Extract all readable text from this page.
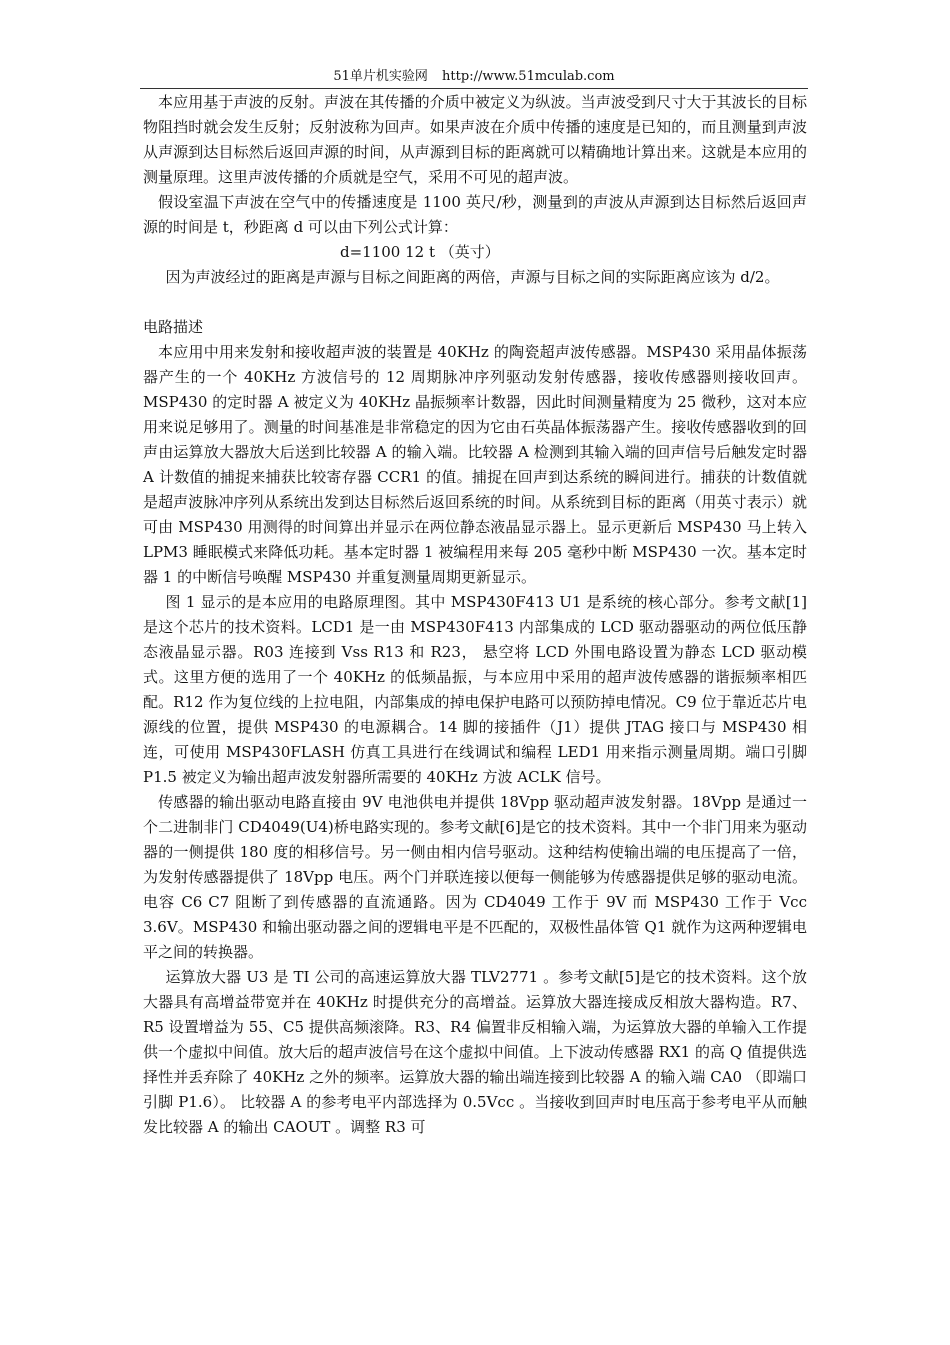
51单片机实验网 http://www.51mculab.com

本应用基于声波的反射。声波在其传播的介质中被定义为纵波。当声波受到尺寸大于其波长的目标物阻挡时就会发生反射；反射波称为回声。如果声波在介质中传播的速度是已知的，而且测量到声波从声源到达目标然后返回声源的时间，从声源到目标的距离就可以精确地计算出来。这就是本应用的测量原理。这里声波传播的介质就是空气，采用不可见的超声波。

假设室温下声波在空气中的传播速度是 1100 英尺/秒，测量到的声波从声源到达目标然后返回声源的时间是 t，秒距离 d 可以由下列公式计算：

d=1100 12 t （英寸）

因为声波经过的距离是声源与目标之间距离的两倍，声源与目标之间的实际距离应该为 d/2。

电路描述

本应用中用来发射和接收超声波的装置是 40KHz 的陶瓷超声波传感器。MSP430 采用晶体振荡器产生的一个 40KHz 方波信号的 12 周期脉冲序列驱动发射传感器，接收传感器则接收回声。MSP430 的定时器 A 被定义为 40KHz 晶振频率计数器，因此时间测量精度为 25 微秒，这对本应用来说足够用了。测量的时间基准是非常稳定的因为它由石英晶体振荡器产生。接收传感器收到的回声由运算放大器放大后送到比较器 A 的输入端。比较器 A 检测到其输入端的回声信号后触发定时器 A 计数值的捕捉来捕获比较寄存器 CCR1 的值。捕捉在回声到达系统的瞬间进行。捕获的计数值就是超声波脉冲序列从系统出发到达目标然后返回系统的时间。从系统到目标的距离（用英寸表示）就可由 MSP430 用测得的时间算出并显示在两位静态液晶显示器上。显示更新后 MSP430 马上转入 LPM3 睡眠模式来降低功耗。基本定时器 1 被编程用来每 205 毫秒中断 MSP430 一次。基本定时器 1 的中断信号唤醒 MSP430 并重复测量周期更新显示。

图 1 显示的是本应用的电路原理图。其中 MSP430F413 U1 是系统的核心部分。参考文献[1]是这个芯片的技术资料。LCD1 是一由 MSP430F413 内部集成的 LCD 驱动器驱动的两位低压静态液晶显示器。R03 连接到 Vss R13 和 R23， 悬空将 LCD 外围电路设置为静态 LCD 驱动模式。这里方便的选用了一个 40KHz 的低频晶振，与本应用中采用的超声波传感器的谐振频率相匹配。R12 作为复位线的上拉电阻，内部集成的掉电保护电路可以预防掉电情况。C9 位于靠近芯片电源线的位置，提供 MSP430 的电源耦合。14 脚的接插件（J1）提供 JTAG 接口与 MSP430 相连，可使用 MSP430FLASH 仿真工具进行在线调试和编程 LED1 用来指示测量周期。端口引脚 P1.5 被定义为输出超声波发射器所需要的 40KHz 方波 ACLK 信号。

传感器的输出驱动电路直接由 9V 电池供电并提供 18Vpp 驱动超声波发射器。18Vpp 是通过一个二进制非门 CD4049(U4)桥电路实现的。参考文献[6]是它的技术资料。其中一个非门用来为驱动器的一侧提供 180 度的相移信号。另一侧由相内信号驱动。这种结构使输出端的电压提高了一倍，为发射传感器提供了 18Vpp 电压。两个门并联连接以便每一侧能够为传感器提供足够的驱动电流。电容 C6 C7 阻断了到传感器的直流通路。因为 CD4049 工作于 9V 而 MSP430 工作于 Vcc 3.6V。MSP430 和输出驱动器之间的逻辑电平是不匹配的，双极性晶体管 Q1 就作为这两种逻辑电平之间的转换器。

运算放大器 U3 是 TI 公司的高速运算放大器 TLV2771 。参考文献[5]是它的技术资料。这个放大器具有高增益带宽并在 40KHz 时提供充分的高增益。运算放大器连接成反相放大器构造。R7、R5 设置增益为 55、C5 提供高频滚降。R3、R4 偏置非反相输入端，为运算放大器的单输入工作提供一个虚拟中间值。放大后的超声波信号在这个虚拟中间值。上下波动传感器 RX1 的高 Q 值提供选择性并丢弃除了 40KHz 之外的频率。运算放大器的输出端连接到比较器 A 的输入端 CA0 （即端口引脚 P1.6）。 比较器 A 的参考电平内部选择为 0.5Vcc 。当接收到回声时电压高于参考电平从而触发比较器 A 的输出 CAOUT 。调整 R3 可
